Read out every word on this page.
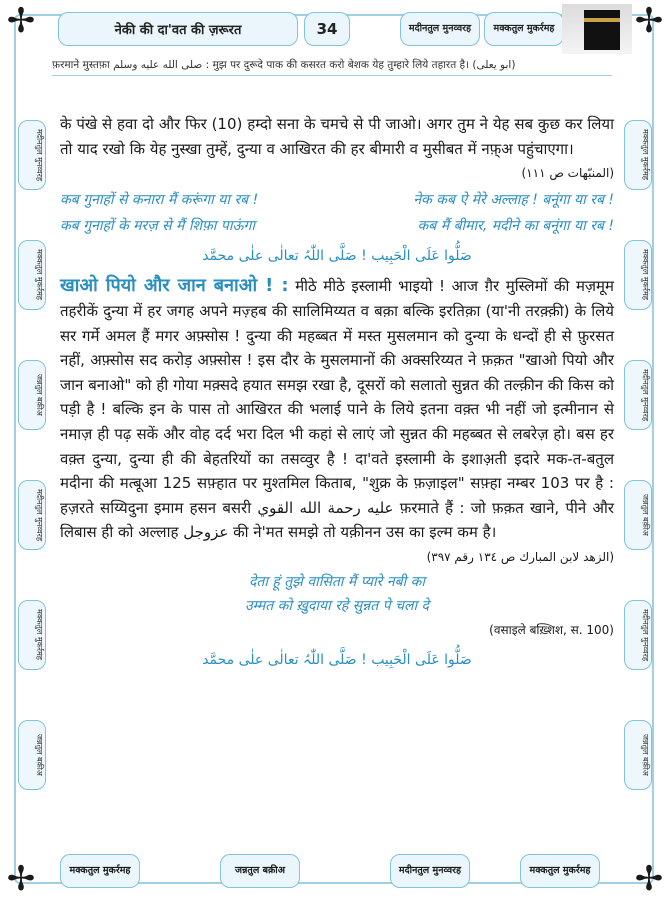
✢	✢
✢	✢
नेकी की दा'वत की ज़रूरत	34	मदीनतुल मुनव्वरह	मक्कतुल मुकर्रमह
फ़रमाने मुस्तफ़ा صلى الله عليه وسلم : मुझ पर दुरूदे पाक की कसरत करो बेशक येह तुम्हारे लिये तहारत है। (ابو يعلى)
मदीनतुल मुनव्वरह
मक्कतुल मुकर्रमह
जन्नतुल बक़ीअ
मदीनतुल मुनव्वरह
मक्कतुल मुकर्रमह
जन्नतुल बक़ीअ
मक्कतुल मुकर्रमह
मक्कतुल मुकर्रमह
मदीनतुल मुनव्वरह
जन्नतुल बक़ीअ
मदीनतुल मुनव्वरह
जन्नतुल बक़ीअ
के पंखे से हवा दो और फिर (10) हम्दो सना के चमचे से पी जाओ। अगर तुम ने येह सब कुछ कर लिया तो याद रखो कि येह नुस्खा तुम्हें, दुन्या व आखिरत की हर बीमारी व मुसीबत में नफ़्अ पहुंचाएगा।
(المنبّهات ص ١١١)
कब गुनाहों से कनारा मैं करूंगा या रब !	नेक कब ऐ मेरे अल्लाह ! बनूंगा या रब !
कब गुनाहों के मरज़ से मैं शिफ़ा पाऊंगा	कब मैं बीमार, मदीने का बनूंगा या रब !
صَلُّوا عَلَی الْحَبِیب ! صَلَّی اللّٰہُ تعالٰی علٰی محمَّد
खाओ पियो और जान बनाओ ! : मीठे मीठे इस्लामी भाइयो ! आज ग़ैर मुस्लिमों की मज़मूम तहरीकें दुन्या में हर जगह अपने मज़्हब की सालिमिय्यत व बक़ा बल्कि इरतिक़ा (या'नी तरक़्क़ी) के लिये सर गर्मे अमल हैं मगर अफ़्सोस ! दुन्या की महब्बत में मस्त मुसलमान को दुन्या के धन्दों ही से फ़ुरसत नहीं, अफ़्सोस सद करोड़ अफ़्सोस ! इस दौर के मुसलमानों की अक्सरिय्यत ने फ़क़त "खाओ पियो और जान बनाओ" को ही गोया मक़्सदे हयात समझ रखा है, दूसरों को सलातो सुन्नत की तल्क़ीन की किस को पड़ी है ! बल्कि इन के पास तो आखिरत की भलाई पाने के लिये इतना वक़्त भी नहीं जो इत्मीनान से नमाज़ ही पढ़ सकें और वोह दर्द भरा दिल भी कहां से लाएं जो सुन्नत की महब्बत से लबरेज़ हो। बस हर वक़्त दुन्या, दुन्या ही की बेहतरियों का तसव्वुर है ! दा'वते इस्लामी के इशाअ़ती इदारे मक-त-बतुल मदीना की मत्बूआ 125 सफ़्हात पर मुश्तमिल किताब, "शुक्र के फ़ज़ाइल" सफ़्हा नम्बर 103 पर है : हज़रते सय्यिदुना इमाम हसन बसरी عليه رحمة الله القوي फ़रमाते हैं : जो फ़क़त खाने, पीने और लिबास ही को अल्लाह عزوجل की ने'मत समझे तो यक़ीनन उस का इल्म कम है।
(الزهد لابن المبارك ص ١٣٤ رقم ٣٩٧)
देता हूं तुझे वासिता मैं प्यारे नबी का
उम्मत को ख़ुदाया रहे सुन्नत पे चला दे
(वसाइले बख़्शिश, स. 100)
صَلُّوا عَلَی الْحَبِیب ! صَلَّی اللّٰہُ تعالٰی علٰی محمَّد
मक्कतुल मुकर्रमह	जन्नतुल बक़ीअ	मदीनतुल मुनव्वरह	मक्कतुल मुकर्रमह
